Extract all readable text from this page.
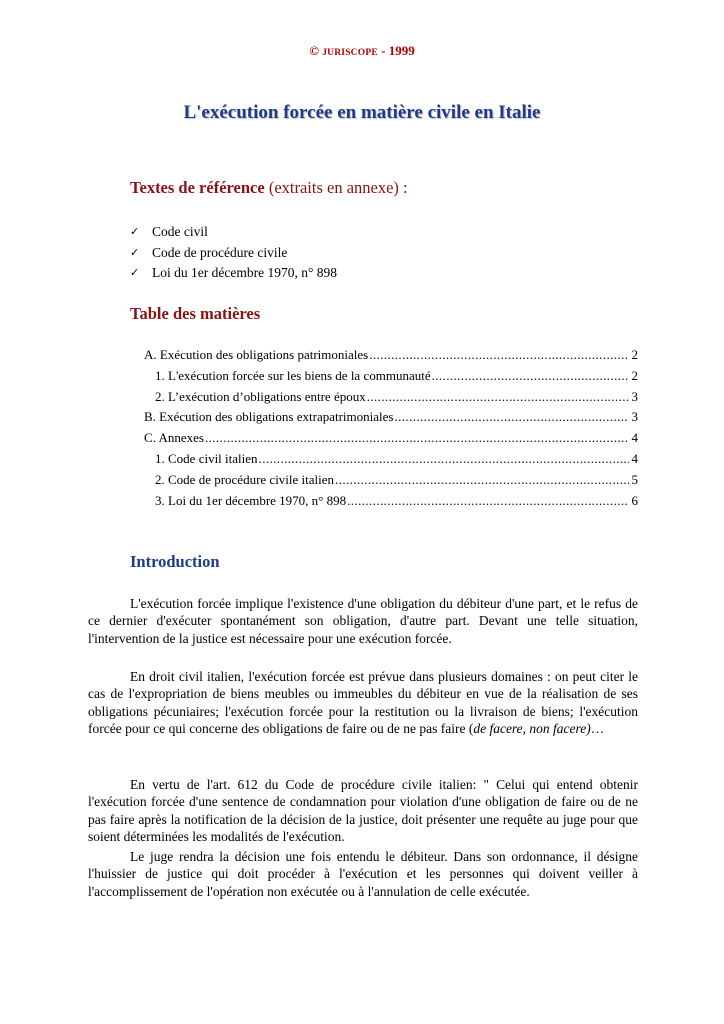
© JURISCOPE - 1999
L'exécution forcée en matière civile en Italie
Textes de référence (extraits en annexe) :
✓ Code civil
✓ Code de procédure civile
✓ Loi du 1er décembre 1970, n° 898
Table des matières
A. Exécution des obligations patrimoniales .....	2
1. L'exécution forcée sur les biens de la communauté .....	2
2. L’exécution d’obligations entre époux .....	3
B. Exécution des obligations extrapatrimoniales .....	3
C. Annexes .....	4
1. Code civil italien .....	4
2. Code de procédure civile italien .....	5
3. Loi du 1er décembre 1970, n° 898 .....	6
Introduction

L'exécution forcée implique l'existence d'une obligation du débiteur d'une part, et le refus de ce dernier d'exécuter spontanément son obligation, d'autre part. Devant une telle situation, l'intervention de la justice est nécessaire pour une exécution forcée.

En droit civil italien, l'exécution forcée est prévue dans plusieurs domaines : on peut citer le cas de l'expropriation de biens meubles ou immeubles du débiteur en vue de la réalisation de ses obligations pécuniaires; l'exécution forcée pour la restitution ou la livraison de biens; l'exécution forcée pour ce qui concerne des obligations de faire ou de ne pas faire (de facere, non facere)…

En vertu de l'art. 612 du Code de procédure civile italien: " Celui qui entend obtenir l'exécution forcée d'une sentence de condamnation pour violation d'une obligation de faire ou de ne pas faire après la notification de la décision de la justice, doit présenter une requête au juge pour que soient déterminées les modalités de l'exécution.

Le juge rendra la décision une fois entendu le débiteur. Dans son ordonnance, il désigne l'huissier de justice qui doit procéder à l'exécution et les personnes qui doivent veiller à l'accomplissement de l'opération non exécutée ou à l'annulation de celle exécutée.
